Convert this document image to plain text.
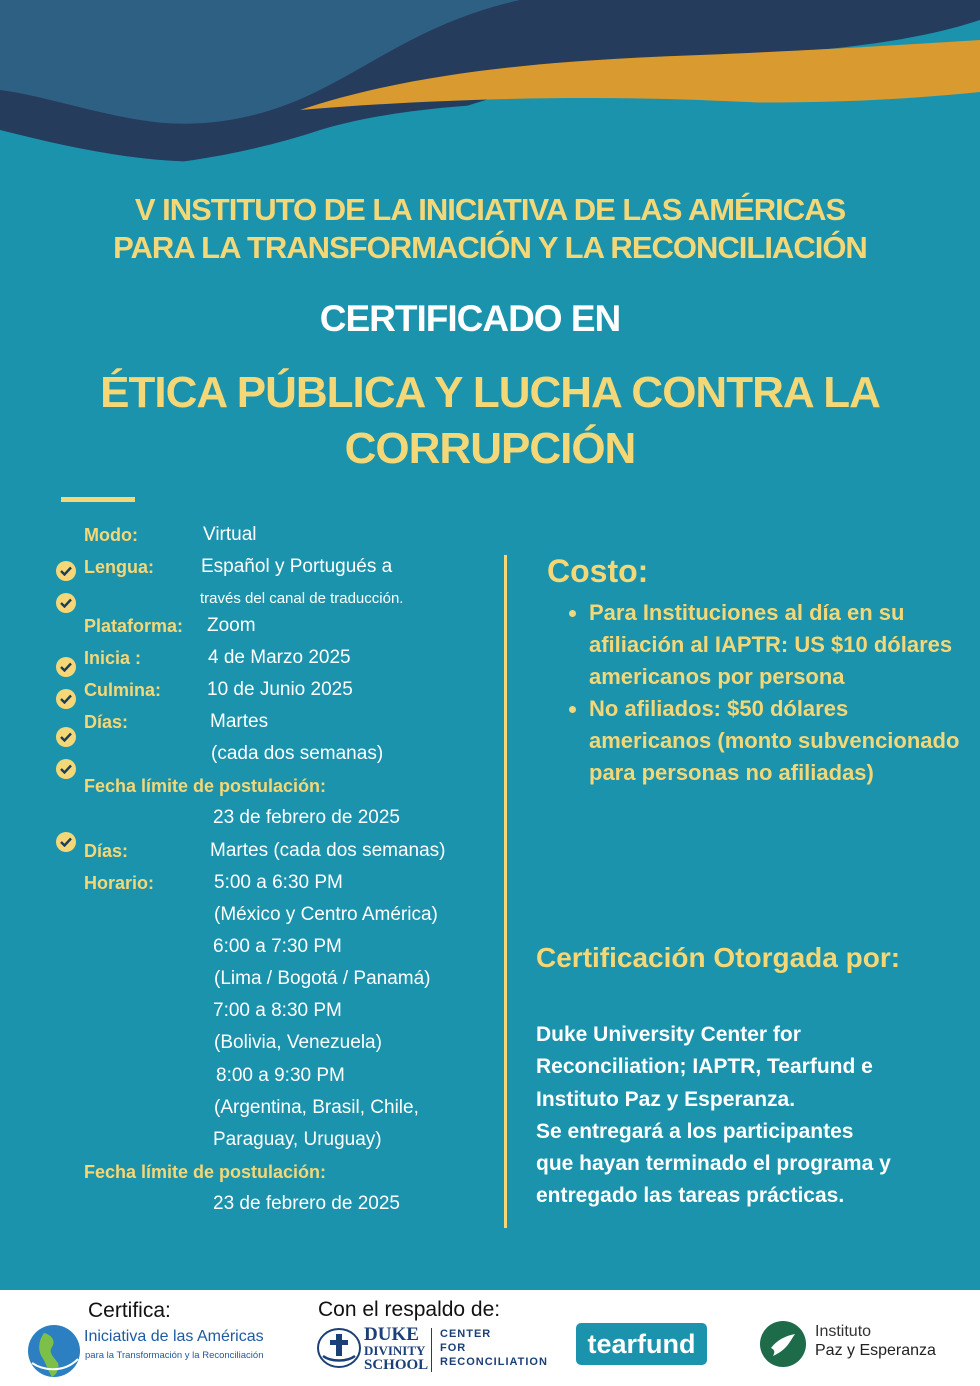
V INSTITUTO DE LA INICIATIVA DE LAS AMÉRICAS
PARA LA TRANSFORMACIÓN Y LA RECONCILIACIÓN
CERTIFICADO EN
ÉTICA PÚBLICA Y LUCHA CONTRA LA
CORRUPCIÓN
Modo:	Virtual
Lengua: Español y Portugués a
través del canal de traducción.
Plataforma: Zoom
Inicia :	4 de Marzo 2025
Culmina: 10 de Junio 2025
Días:	Martes
(cada dos semanas)
Fecha límite de postulación:
23 de febrero de 2025
Días:	Martes (cada dos semanas)
Horario:	5:00 a 6:30 PM
(México y Centro América)
6:00 a 7:30 PM
(Lima / Bogotá / Panamá)
7:00 a 8:30 PM
(Bolivia, Venezuela)
8:00 a 9:30 PM
(Argentina, Brasil, Chile,
Paraguay, Uruguay)
Fecha límite de postulación:
23 de febrero de 2025
Costo:
• Para Instituciones al día en su afiliación al IAPTR: US $10 dólares americanos por persona
• No afiliados: $50 dólares americanos (monto subvencionado para personas no afiliadas)
Certificación Otorgada por:
Duke University Center for
Reconciliation; IAPTR, Tearfund e
Instituto Paz y Esperanza.
Se entregará a los participantes
que hayan terminado el programa y
entregado las tareas prácticas.
Certifica:	Con el respaldo de:
Iniciativa de las Américas
para la Transformación y la Reconciliación
DUKE
DIVINITY
SCHOOL
CENTER
FOR
RECONCILIATION
tearfund	Instituto
Paz y Esperanza
